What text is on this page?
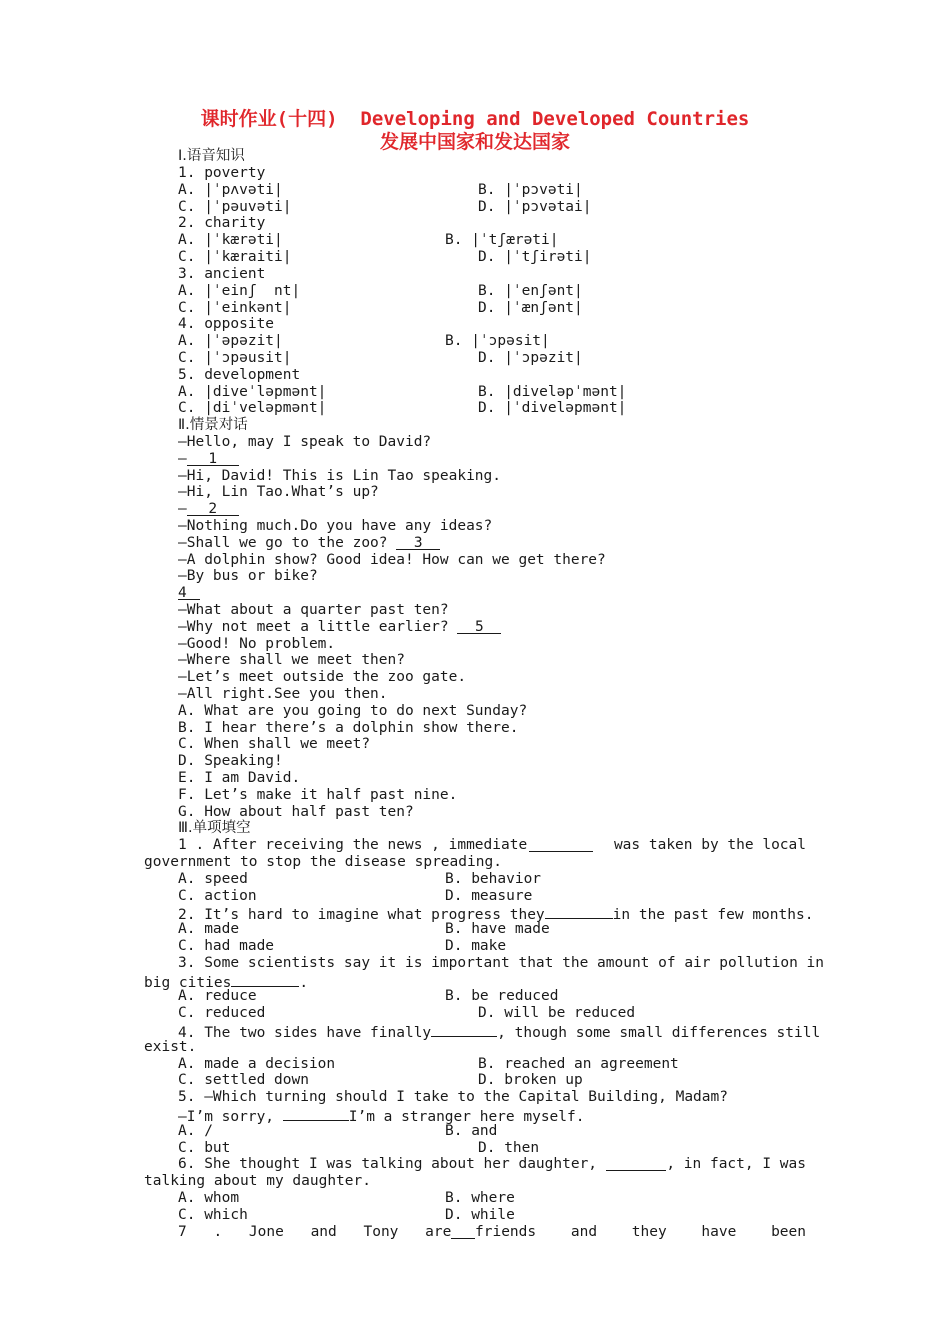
课时作业(十四)  Developing and Developed Countries
发展中国家和发达国家
Ⅰ.语音知识
1. poverty
A. |ˈpʌvəti|	B. |ˈpɔvəti|
C. |ˈpəuvəti|	D. |ˈpɔvətai|
2. charity
A. |ˈkærəti|	B. |ˈtʃærəti|
C. |ˈkæraiti|	D. |ˈtʃirəti|
3. ancient
A. |ˈeinʃ  nt|	B. |ˈenʃənt|
C. |ˈeinkənt|	D. |ˈænʃənt|
4. opposite
A. |ˈəpəzit|	B. |ˈɔpəsit|
C. |ˈɔpəusit|	D. |ˈɔpəzit|
5. development
A. |diveˈləpmənt|	B. |diveləpˈmənt|
C. |diˈveləpmənt|	D. |ˈdiveləpmənt|
Ⅱ.情景对话
—Hello, may I speak to David?
— 1
—Hi, David! This is Lin Tao speaking.
—Hi, Lin Tao.What’s up?
— 2
—Nothing much.Do you have any ideas?
—Shall we go to the zoo? 3
—A dolphin show? Good idea! How can we get there?
—By bus or bike?
4
—What about a quarter past ten?
—Why not meet a little earlier? 5
—Good! No problem.
—Where shall we meet then?
—Let’s meet outside the zoo gate.
—All right.See you then.
A. What are you going to do next Sunday?
B. I hear there’s a dolphin show there.
C. When shall we meet?
D. Speaking!
E. I am David.
F. Let’s make it half past nine.
G. How about half past ten?
Ⅲ.单项填空
1 . After receiving the news , immediate	was taken by the local
government to stop the disease spreading.
A. speed	B. behavior
C. action	D. measure
2. It’s hard to imagine what progress they	in the past few months.
A. made	B. have made
C. had made	D. make
3. Some scientists say it is important that the amount of air pollution in
big cities	.
A. reduce	B. be reduced
C. reduced	D. will be reduced
4. The two sides have finally	, though some small differences still
exist.
A. made a decision	B. reached an agreement
C. settled down	D. broken up
5. —Which turning should I take to the Capital Building, Madam?
—I’m sorry,	I’m a stranger here myself.
A. /	B. and
C. but	D. then
6. She thought I was talking about her daughter,	, in fact, I was
talking about my daughter.
A. whom	B. where
C. which	D. while
7 . Jone and Tony are friends and they have been
